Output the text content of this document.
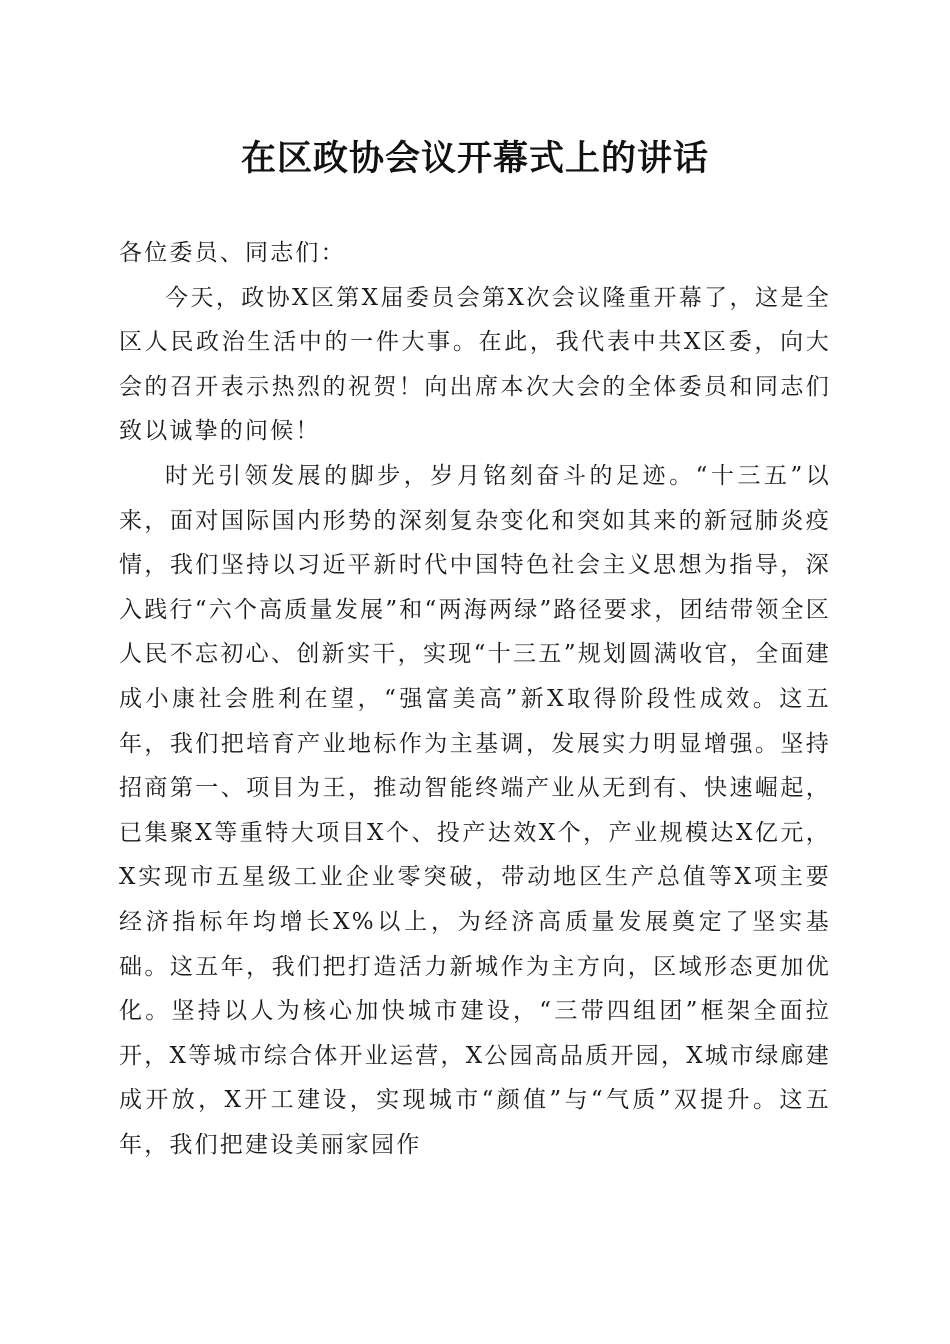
在区政协会议开幕式上的讲话

各位委员、同志们：

今天，政协X区第X届委员会第X次会议隆重开幕了，这是全区人民政治生活中的一件大事。在此，我代表中共X区委，向大会的召开表示热烈的祝贺！向出席本次大会的全体委员和同志们致以诚挚的问候！

时光引领发展的脚步，岁月铭刻奋斗的足迹。“十三五”以来，面对国际国内形势的深刻复杂变化和突如其来的新冠肺炎疫情，我们坚持以习近平新时代中国特色社会主义思想为指导，深入践行“六个高质量发展”和“两海两绿”路径要求，团结带领全区人民不忘初心、创新实干，实现“十三五”规划圆满收官，全面建成小康社会胜利在望，“强富美高”新X取得阶段性成效。这五年，我们把培育产业地标作为主基调，发展实力明显增强。坚持招商第一、项目为王，推动智能终端产业从无到有、快速崛起，已集聚X等重特大项目X个、投产达效X个，产业规模达X亿元，X实现市五星级工业企业零突破，带动地区生产总值等X项主要经济指标年均增长X%以上，为经济高质量发展奠定了坚实基础。这五年，我们把打造活力新城作为主方向，区域形态更加优化。坚持以人为核心加快城市建设，“三带四组团”框架全面拉开，X等城市综合体开业运营，X公园高品质开园，X城市绿廊建成开放，X开工建设，实现城市“颜值”与“气质”双提升。这五年，我们把建设美丽家园作
